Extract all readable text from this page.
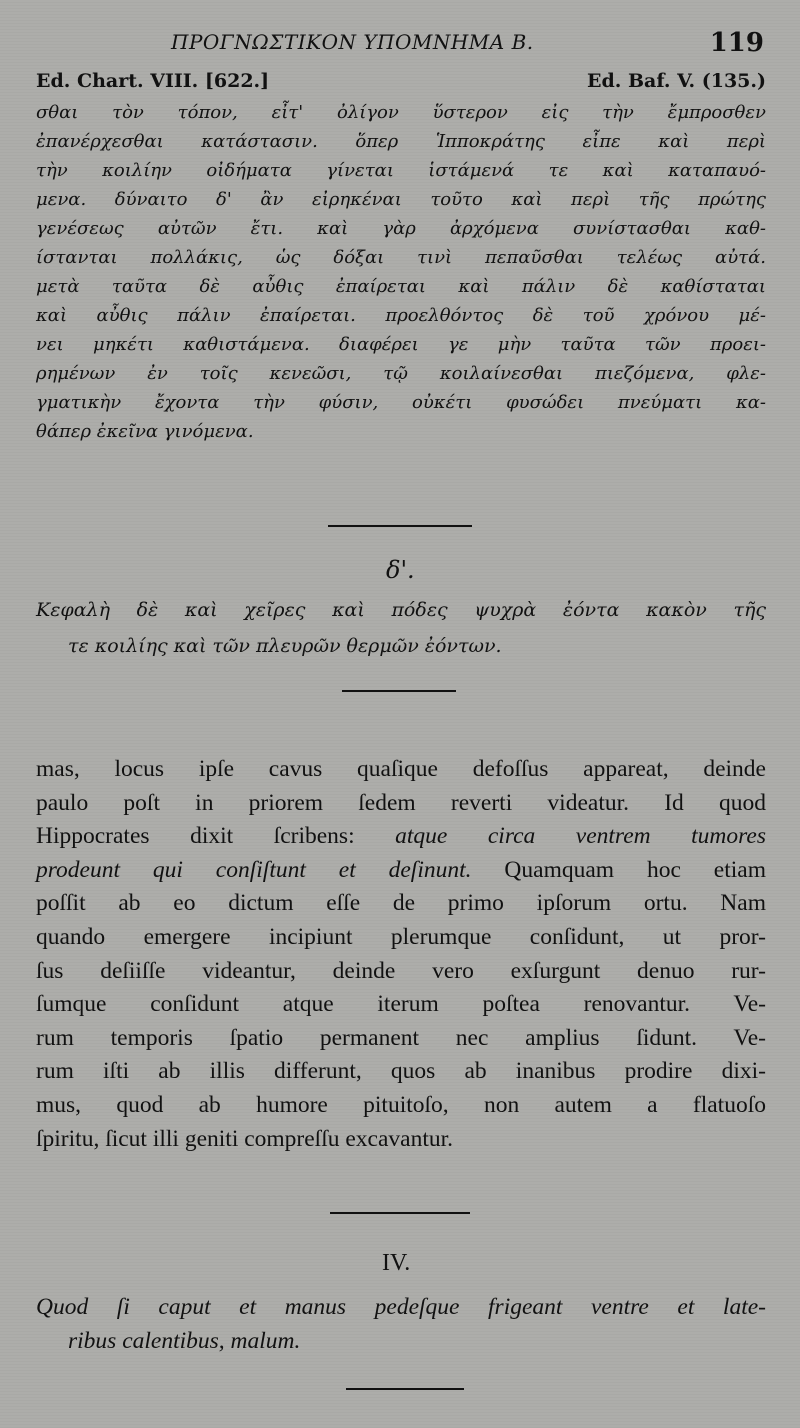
ΠΡΟΓΝΩΣΤΙΚΟΝ ΥΠΟΜΝΗΜΑ Β.	119
Ed. Chart. VIII. [622.]	Ed. Baf. V. (135.)
σθαι τὸν τόπον, εἶτ' ὀλίγον ὕστερον εἰς τὴν ἔμπροσθεν
ἐπανέρχεσθαι κατάστασιν. ὅπερ Ἱπποκράτης εἶπε καὶ περὶ
τὴν κοιλίην οἰδήματα γίνεται ἱστάμενά τε καὶ καταπαυό-
μενα. δύναιτο δ' ἂν εἰρηκέναι τοῦτο καὶ περὶ τῆς πρώτης
γενέσεως αὐτῶν ἔτι. καὶ γὰρ ἀρχόμενα συνίστασθαι καθ-
ίστανται πολλάκις, ὡς δόξαι τινὶ πεπαῦσθαι τελέως αὐτά.
μετὰ ταῦτα δὲ αὖθις ἐπαίρεται καὶ πάλιν δὲ καθίσταται
καὶ αὖθις πάλιν ἐπαίρεται. προελθόντος δὲ τοῦ χρόνου μέ-
νει μηκέτι καθιστάμενα. διαφέρει γε μὴν ταῦτα τῶν προει-
ρημένων ἐν τοῖς κενεῶσι, τῷ κοιλαίνεσθαι πιεζόμενα, φλε-
γματικὴν ἔχοντα τὴν φύσιν, οὐκέτι φυσώδει πνεύματι κα-
θάπερ ἐκεῖνα γινόμενα.
δ'.
Κεφαλὴ δὲ καὶ χεῖρες καὶ πόδες ψυχρὰ ἐόντα κακὸν τῆς
τε κοιλίης καὶ τῶν πλευρῶν θερμῶν ἐόντων.
mas, locus ipſe cavus quaſique defoſſus appareat, deinde
paulo poſt in priorem ſedem reverti videatur. Id quod
Hippocrates dixit ſcribens: atque circa ventrem tumores
prodeunt qui conſiſtunt et deſinunt. Quamquam hoc etiam
poſſit ab eo dictum eſſe de primo ipſorum ortu. Nam
quando emergere incipiunt plerumque conſidunt, ut pror-
ſus deſiiſſe videantur, deinde vero exſurgunt denuo rur-
ſumque conſidunt atque iterum poſtea renovantur. Ve-
rum temporis ſpatio permanent nec amplius ſidunt. Ve-
rum iſti ab illis differunt, quos ab inanibus prodire dixi-
mus, quod ab humore pituitoſo, non autem a flatuoſo
ſpiritu, ſicut illi geniti compreſſu excavantur.
IV.
Quod ſi caput et manus pedeſque frigeant ventre et late-
ribus calentibus, malum.
